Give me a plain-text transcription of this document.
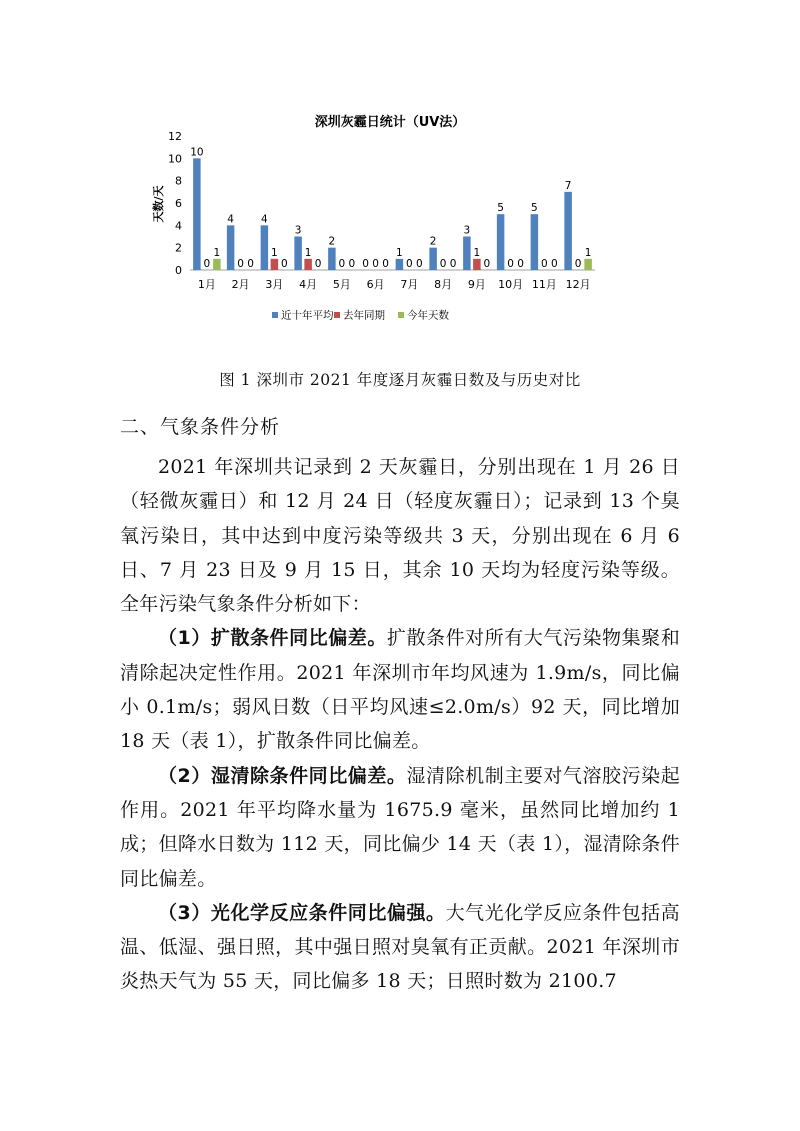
深圳灰霾日统计（UV法）
天数/天
0
2
4
6
8
10
12
10
0
1
4
0 0
4
1
0
3
1
0
2
0 0 0 0 0
1
0 0
2
0 0
3
1
0
5
0 0
5
0 0
7
0
1
1月 2月 3月 4月 5月 6月 7月 8月 9月 10月 11月 12月
近十年平均 去年同期 今年天数
图 1 深圳市 2021 年度逐月灰霾日数及与历史对比
二、气象条件分析

2021 年深圳共记录到 2 天灰霾日，分别出现在 1 月 26 日（轻微灰霾日）和 12 月 24 日（轻度灰霾日）；记录到 13 个臭氧污染日，其中达到中度污染等级共 3 天，分别出现在 6 月 6 日、7 月 23 日及 9 月 15 日，其余 10 天均为轻度污染等级。全年污染气象条件分析如下：

（1）扩散条件同比偏差。扩散条件对所有大气污染物集聚和清除起决定性作用。2021 年深圳市年均风速为 1.9m/s，同比偏小 0.1m/s；弱风日数（日平均风速≤2.0m/s）92 天，同比增加 18 天（表 1），扩散条件同比偏差。

（2）湿清除条件同比偏差。湿清除机制主要对气溶胶污染起作用。2021 年平均降水量为 1675.9 毫米，虽然同比增加约 1 成；但降水日数为 112 天，同比偏少 14 天（表 1），湿清除条件同比偏差。

（3）光化学反应条件同比偏强。大气光化学反应条件包括高温、低湿、强日照，其中强日照对臭氧有正贡献。2021 年深圳市炎热天气为 55 天，同比偏多 18 天；日照时数为 2100.7
